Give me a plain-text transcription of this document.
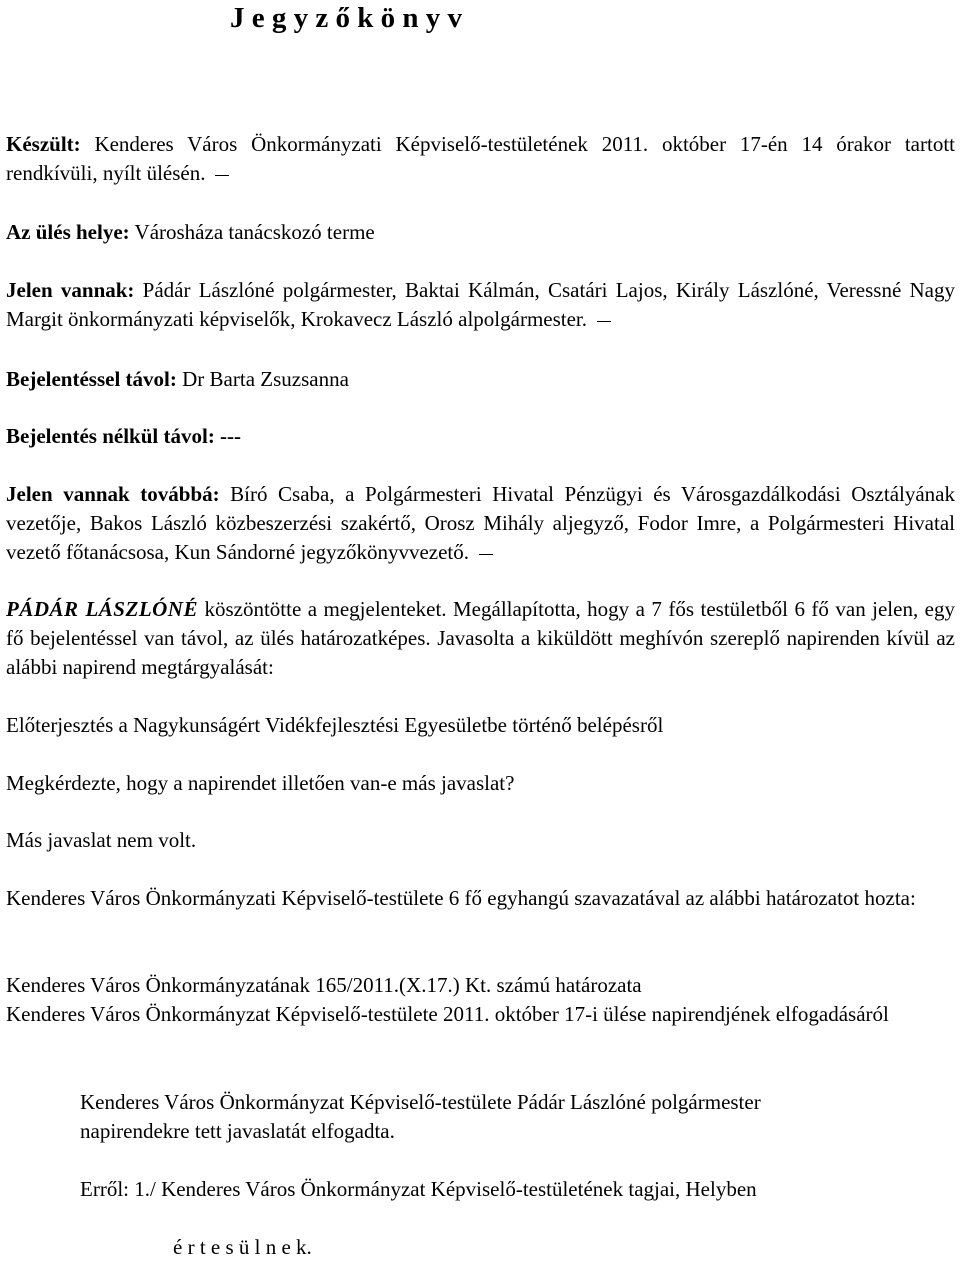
J e g y z ő k ö n y v
Készült: Kenderes Város Önkormányzati Képviselő-testületének 2011. október 17-én 14 órakor tartott rendkívüli, nyílt ülésén.
Az ülés helye: Városháza tanácskozó terme
Jelen vannak: Pádár Lászlóné polgármester, Baktai Kálmán, Csatári Lajos, Király Lászlóné, Veressné Nagy Margit önkormányzati képviselők, Krokavecz László alpolgármester.
Bejelentéssel távol: Dr Barta Zsuzsanna
Bejelentés nélkül távol: ---
Jelen vannak továbbá: Bíró Csaba, a Polgármesteri Hivatal Pénzügyi és Városgazdálkodási Osztályának vezetője, Bakos László közbeszerzési szakértő, Orosz Mihály aljegyző, Fodor Imre, a Polgármesteri Hivatal vezető főtanácsosa, Kun Sándorné jegyzőkönyvvezető.
PÁDÁR LÁSZLÓNÉ köszöntötte a megjelenteket. Megállapította, hogy a 7 fős testületből 6 fő van jelen, egy fő bejelentéssel van távol, az ülés határozatképes. Javasolta a kiküldött meghívón szereplő napirenden kívül az alábbi napirend megtárgyalását:
Előterjesztés a Nagykunságért Vidékfejlesztési Egyesületbe történő belépésről
Megkérdezte, hogy a napirendet illetően van-e más javaslat?
Más javaslat nem volt.
Kenderes Város Önkormányzati Képviselő-testülete 6 fő egyhangú szavazatával az alábbi határozatot hozta:
Kenderes Város Önkormányzatának 165/2011.(X.17.) Kt. számú határozata
Kenderes Város Önkormányzat Képviselő-testülete 2011. október 17-i ülése napirendjének elfogadásáról
Kenderes Város Önkormányzat Képviselő-testülete Pádár Lászlóné polgármester napirendekre tett javaslatát elfogadta.
Erről: 1./ Kenderes Város Önkormányzat Képviselő-testületének tagjai, Helyben
é r t e s ü l n e k.
